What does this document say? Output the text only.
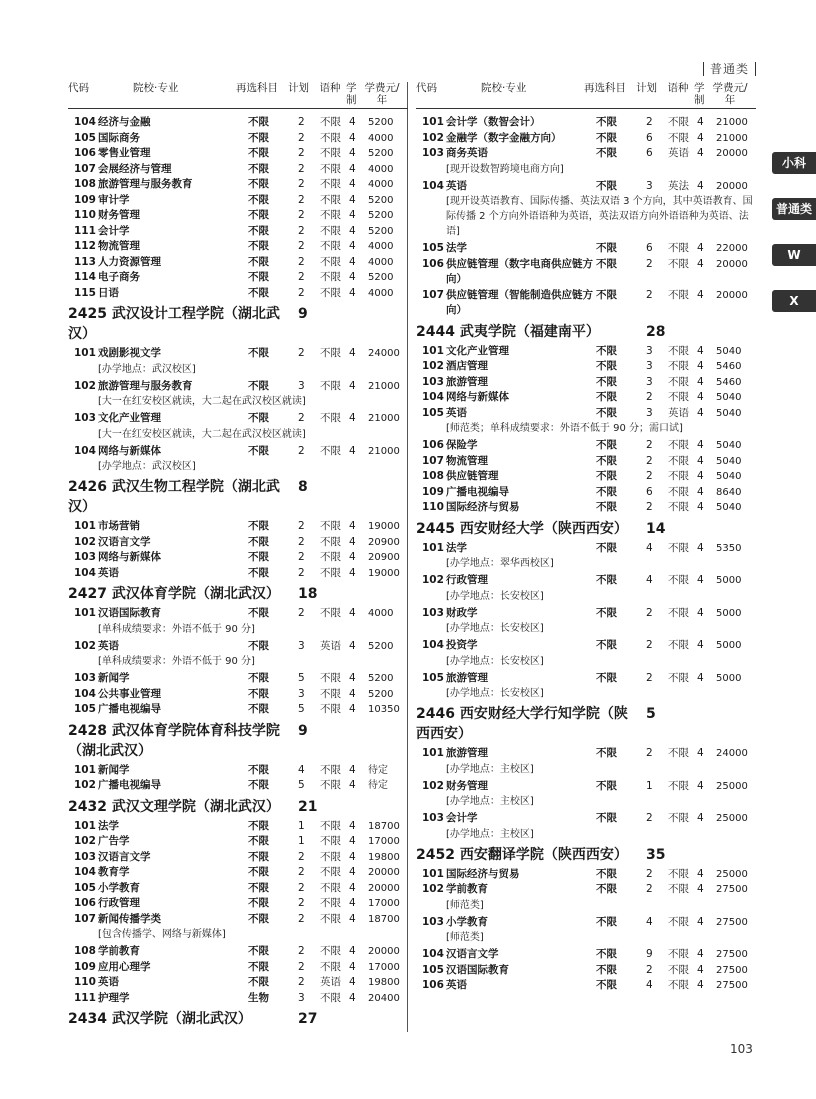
普通类
代码	院校·专业	再选科目 计划 语种 学制
学费元/年
104 经济与金融	不限	2 不限 4 5200
105 国际商务	不限	2 不限 4 4000
106 零售业管理	不限	2 不限 4 5200
107 会展经济与管理	不限	2 不限 4 4000
108 旅游管理与服务教育	不限	2 不限 4 4000
109 审计学	不限	2 不限 4 5200
110 财务管理	不限	2 不限 4 5200
111 会计学	不限	2 不限 4 5200
112 物流管理	不限	2 不限 4 4000
113 人力资源管理	不限	2 不限 4 4000
114 电子商务	不限	2 不限 4 5200
115 日语	不限	2 不限 4 4000
2425 武汉设计工程学院（湖北武汉）
9
101 戏剧影视文学	不限	2 不限 4 24000
[办学地点：武汉校区]
102 旅游管理与服务教育	不限	3 不限 4 21000
[大一在红安校区就读，大二起在武汉校区就读]
103 文化产业管理	不限	2 不限 4 21000
[大一在红安校区就读，大二起在武汉校区就读]
104 网络与新媒体	不限	2 不限 4 21000
[办学地点：武汉校区]
2426 武汉生物工程学院（湖北武汉）
8
101 市场营销	不限	2 不限 4 19000
102 汉语言文学	不限	2 不限 4 20900
103 网络与新媒体	不限	2 不限 4 20900
104 英语	不限	2 不限 4 19000
2427 武汉体育学院（湖北武汉） 18
101 汉语国际教育	不限	2 不限 4 4000
[单科成绩要求：外语不低于 90 分]
102 英语	不限	3 英语 4 5200
[单科成绩要求：外语不低于 90 分]
103 新闻学	不限	5 不限 4 5200
104 公共事业管理	不限	3 不限 4 5200
105 广播电视编导	不限	5 不限 4 10350
2428 武汉体育学院体育科技学院（湖北武汉）
9
101 新闻学	不限	4 不限 4 待定
102 广播电视编导	不限	5 不限 4 待定
2432 武汉文理学院（湖北武汉） 21
101 法学	不限	1 不限 4 18700
102 广告学	不限	1 不限 4 17000
103 汉语言文学	不限	2 不限 4 19800
104 教育学	不限	2 不限 4 20000
105 小学教育	不限	2 不限 4 20000
106 行政管理	不限	2 不限 4 17000
107 新闻传播学类	不限	2 不限 4 18700
[包含传播学、网络与新媒体]
108 学前教育	不限	2 不限 4 20000
109 应用心理学	不限	2 不限 4 17000
110 英语	不限	2 英语 4 19800
111 护理学	生物	3 不限 4 20400
2434 武汉学院（湖北武汉）	27
代码	院校·专业	再选科目 计划 语种 学制
学费元/年
101 会计学（数智会计）	不限	2 不限 4 21000
102 金融学（数字金融方向）	不限	6 不限 4 21000
103 商务英语	不限	6 英语 4 20000
[现开设数智跨境电商方向]
104 英语	不限	3 英法 4 20000
[现开设英语教育、国际传播、英法双语 3 个方向，其中英语教育、国际传播 2 个方向外语语种为英语，英法双语方向外语语种为英语、法语]
105 法学	不限	6 不限 4 22000
106 供应链管理（数字电商供应链方向）
不限	2 不限 4 20000
107 供应链管理（智能制造供应链方向）
不限	2 不限 4 20000
2444 武夷学院（福建南平）	28
101 文化产业管理	不限	3 不限 4 5040
102 酒店管理	不限	3 不限 4 5460
103 旅游管理	不限	3 不限 4 5460
104 网络与新媒体	不限	2 不限 4 5040
105 英语	不限	3 英语 4 5040
[师范类；单科成绩要求：外语不低于 90 分；需口试]
106 保险学	不限	2 不限 4 5040
107 物流管理	不限	2 不限 4 5040
108 供应链管理	不限	2 不限 4 5040
109 广播电视编导	不限	6 不限 4 8640
110 国际经济与贸易	不限	2 不限 4 5040
2445 西安财经大学（陕西西安） 14
101 法学	不限	4 不限 4 5350
[办学地点：翠华西校区]
102 行政管理	不限	4 不限 4 5000
[办学地点：长安校区]
103 财政学	不限	2 不限 4 5000
[办学地点：长安校区]
104 投资学	不限	2 不限 4 5000
[办学地点：长安校区]
105 旅游管理	不限	2 不限 4 5000
[办学地点：长安校区]
2446 西安财经大学行知学院（陕西西安）
5
101 旅游管理	不限	2 不限 4 24000
[办学地点：主校区]
102 财务管理	不限	1 不限 4 25000
[办学地点：主校区]
103 会计学	不限	2 不限 4 25000
[办学地点：主校区]
2452 西安翻译学院（陕西西安） 35
101 国际经济与贸易	不限	2 不限 4 25000
102 学前教育	不限	2 不限 4 27500
[师范类]
103 小学教育	不限	4 不限 4 27500
[师范类]
104 汉语言文学	不限	9 不限 4 27500
105 汉语国际教育	不限	2 不限 4 27500
106 英语	不限	4 不限 4 27500
小科
普通类
W
X
103
